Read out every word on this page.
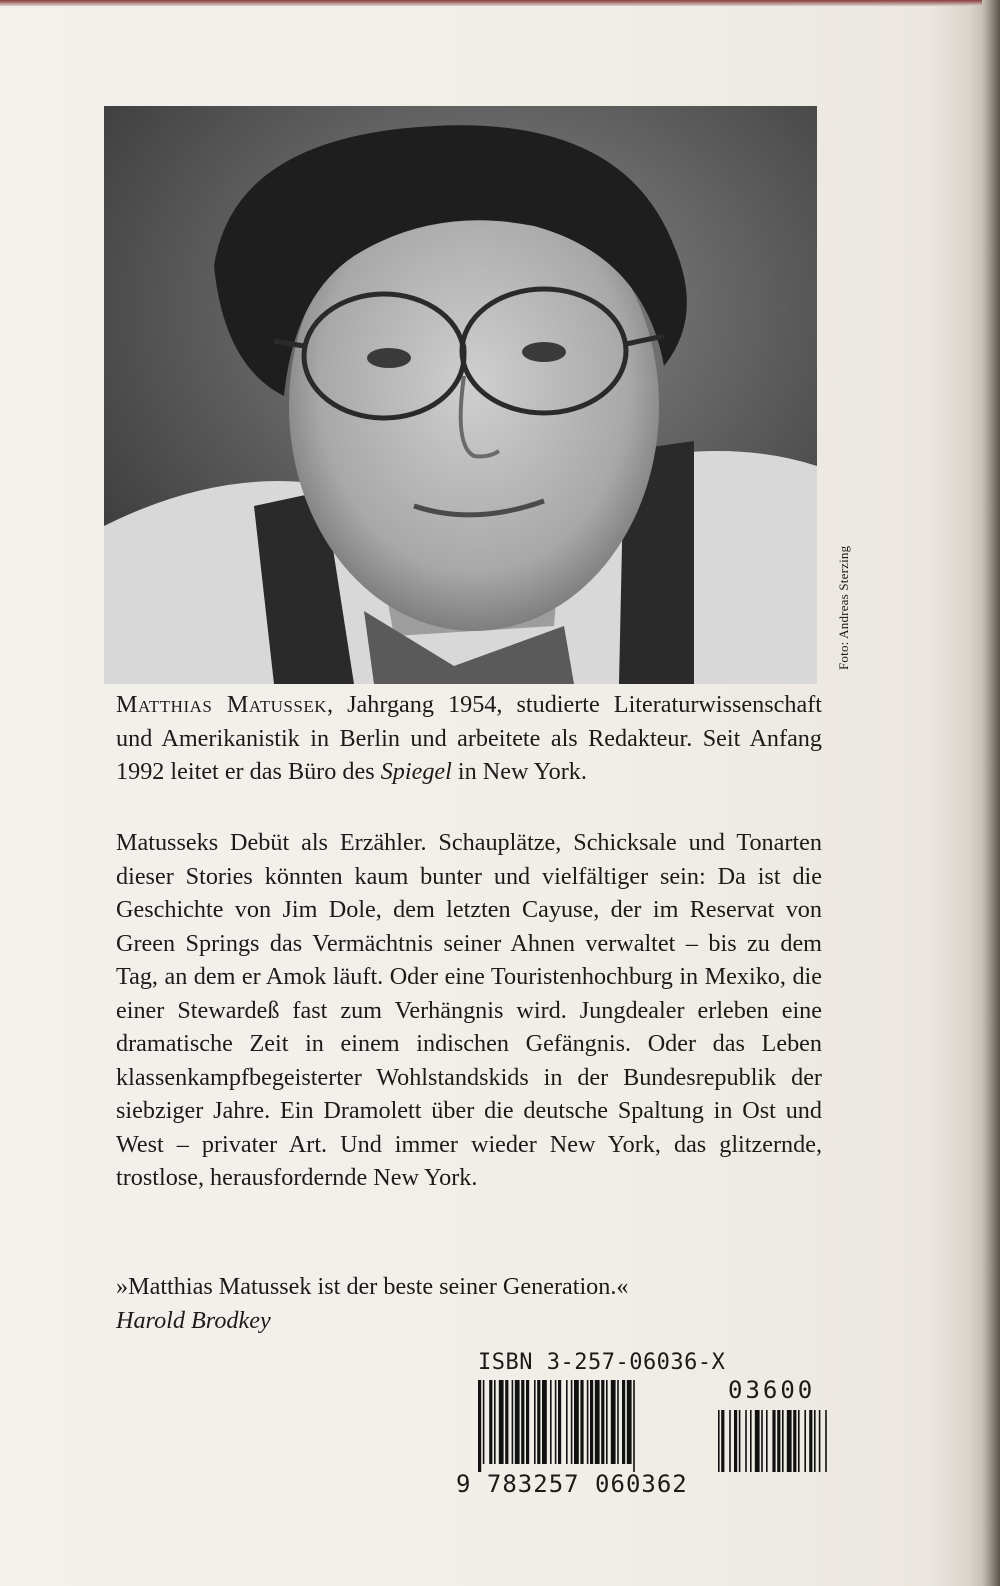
Foto: Andreas Sterzing

Matthias Matussek, Jahrgang 1954, studierte Literaturwissenschaft und Amerikanistik in Berlin und arbeitete als Redakteur. Seit Anfang 1992 leitet er das Büro des Spiegel in New York.

Matusseks Debüt als Erzähler. Schauplätze, Schicksale und Tonarten dieser Stories könnten kaum bunter und vielfältiger sein: Da ist die Geschichte von Jim Dole, dem letzten Cayuse, der im Reservat von Green Springs das Vermächtnis seiner Ahnen verwaltet – bis zu dem Tag, an dem er Amok läuft. Oder eine Touristenhochburg in Mexiko, die einer Stewardeß fast zum Verhängnis wird. Jungdealer erleben eine dramatische Zeit in einem indischen Gefängnis. Oder das Leben klassenkampfbegeisterter Wohlstandskids in der Bundesrepublik der siebziger Jahre. Ein Dramolett über die deutsche Spaltung in Ost und West – privater Art. Und immer wieder New York, das glitzernde, trostlose, herausfordernde New York.

»Matthias Matussek ist der beste seiner Generation.«

Harold Brodkey

ISBN 3-257-06036-X
03600
9 783257 060362
